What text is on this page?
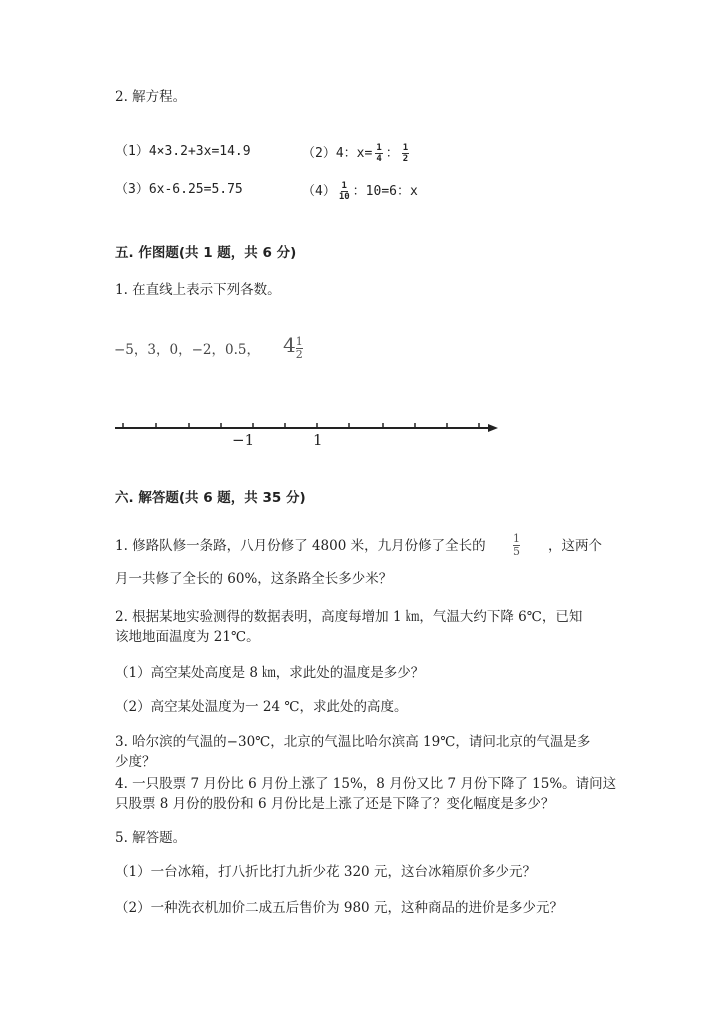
2. 解方程。
（1）4×3.2+3x=14.9	（2）4：$x= \frac{1}{4}$ ： $\frac{1}{2}$
（3）6x-6.25=5.75	$(4) \frac{1}{10}$ ：10=6：x
五. 作图题(共 1 题，共 6 分)
1. 在直线上表示下列各数。
−5，3，0，−2，0.5， $4 \frac{1}{2}$
−1	1
六. 解答题(共 6 题，共 35 分)
1. 修路队修一条路，八月份修了 4800 米，九月份修了全长的 $\frac{1}{5}$ ，这两个
月一共修了全长的 60%，这条路全长多少米？
2. 根据某地实验测得的数据表明，高度每增加 1 ㎞，气温大约下降 6℃，已知
该地地面温度为 21℃。
（1）高空某处高度是 8 ㎞，求此处的温度是多少？
（2）高空某处温度为一 24 ℃，求此处的高度。
3. 哈尔滨的气温的−30℃，北京的气温比哈尔滨高 19℃，请问北京的气温是多
少度？
4. 一只股票 7 月份比 6 月份上涨了 15%，8 月份又比 7 月份下降了 15%。请问这
只股票 8 月份的股份和 6 月份比是上涨了还是下降了？变化幅度是多少？
5. 解答题。
（1）一台冰箱，打八折比打九折少花 320 元，这台冰箱原价多少元？
（2）一种洗衣机加价二成五后售价为 980 元，这种商品的进价是多少元？
